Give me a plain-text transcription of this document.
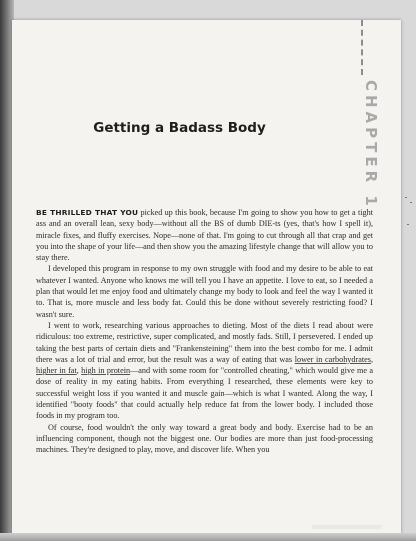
CHAPTER 1
Getting a Badass Body

BE THRILLED THAT YOU picked up this book, because I'm going to show you how to get a tight ass and an overall lean, sexy body—without all the BS of dumb DIE-ts (yes, that's how I spell it), miracle fixes, and fluffy exercises. Nope—none of that. I'm going to cut through all that crap and get you into the shape of your life—and then show you the amazing lifestyle change that will allow you to stay there.

I developed this program in response to my own struggle with food and my desire to be able to eat whatever I wanted. Anyone who knows me will tell you I have an appetite. I love to eat, so I needed a plan that would let me enjoy food and ultimately change my body to look and feel the way I wanted it to. That is, more muscle and less body fat. Could this be done without severely restricting food? I wasn't sure.

I went to work, researching various approaches to dieting. Most of the diets I read about were ridiculous: too extreme, restrictive, super complicated, and mostly fads. Still, I persevered. I ended up taking the best parts of certain diets and "Frankensteining" them into the best combo for me. I admit there was a lot of trial and error, but the result was a way of eating that was lower in carbohydrates, higher in fat, high in protein—and with some room for "controlled cheating," which would give me a dose of reality in my eating habits. From everything I researched, these elements were key to successful weight loss if you wanted it and muscle gain—which is what I wanted. Along the way, I identified "booty foods" that could actually help reduce fat from the lower body. I included those foods in my program too.

Of course, food wouldn't the only way toward a great body and body. Exercise had to be an influencing component, though not the biggest one. Our bodies are more than just food-processing machines. They're designed to play, move, and discover life. When you
